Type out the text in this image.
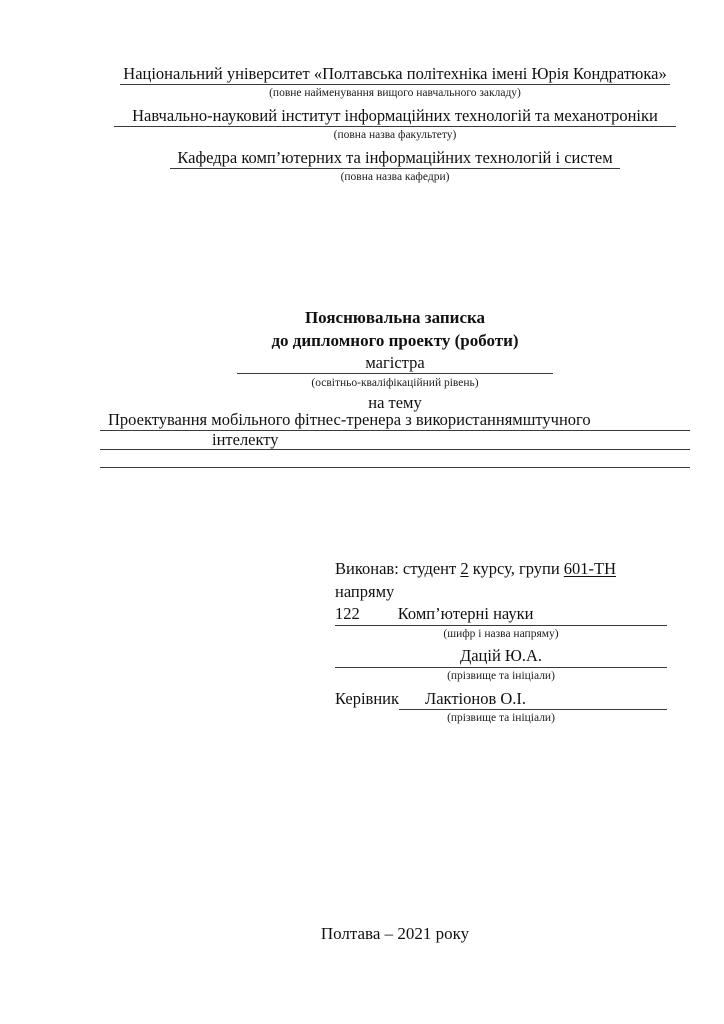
Національний університет «Полтавська політехніка імені Юрія Кондратюка»
(повне найменування вищого навчального закладу)
Навчально-науковий інститут інформаційних технологій та механотроніки
(повна назва факультету)
Кафедра комп’ютерних та інформаційних технологій і систем
(повна назва кафедри)
Пояснювальна записка
до дипломного проекту (роботи)
магістра
(освітньо-кваліфікаційний рівень)
на тему
Проектування мобільного фітнес-тренера з використаннямштучного
інтелекту
Виконав: студент 2 курсу, групи 601-ТН
напряму
122 Комп’ютерні науки
(шифр і назва напряму)
Дацій Ю.А.
(прізвище та ініціали)
Керівник	Лактіонов О.І.
(прізвище та ініціали)
Полтава – 2021 року
